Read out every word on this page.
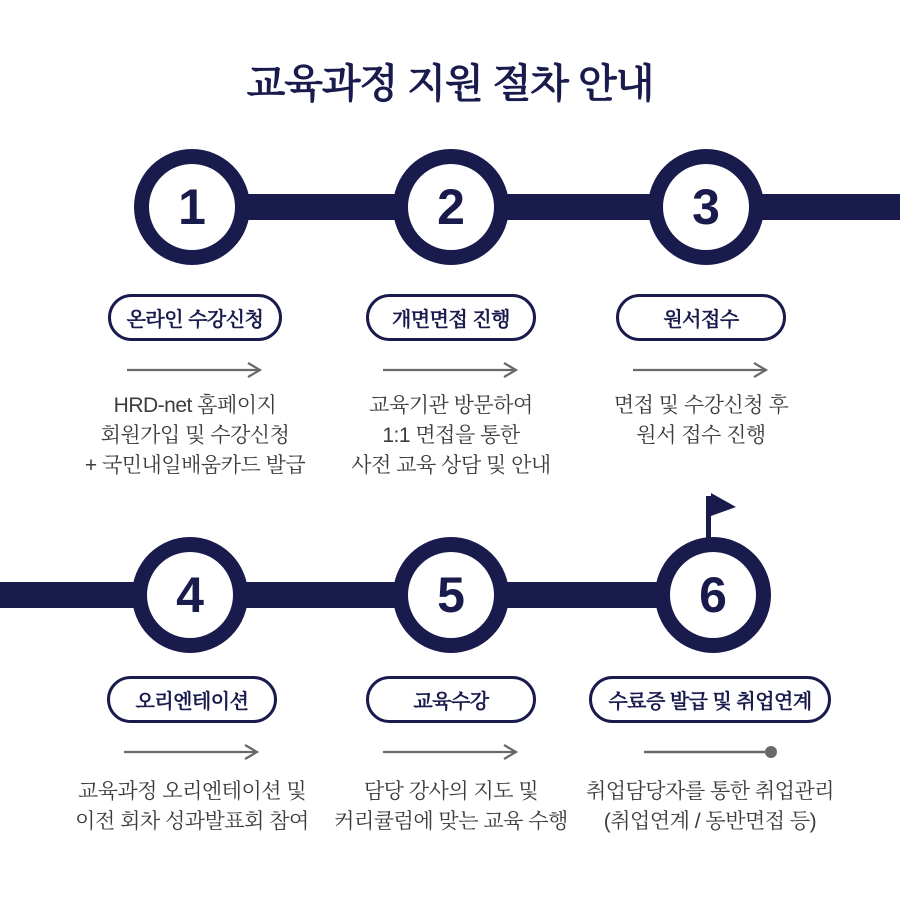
교육과정 지원 절차 안내
1	2	3
4	5	6
온라인 수강신청
HRD-net 홈페이지
회원가입 및 수강신청
+ 국민내일배움카드 발급
개면면접 진행
교육기관 방문하여
1:1 면접을 통한
사전 교육 상담 및 안내
원서접수
면접 및 수강신청 후
원서 접수 진행
오리엔테이션
교육과정 오리엔테이션 및
이전 회차 성과발표회 참여
교육수강
담당 강사의 지도 및
커리큘럼에 맞는 교육 수행
수료증 발급 및 취업연계
취업담당자를 통한 취업관리
(취업연계 / 동반면접 등)
